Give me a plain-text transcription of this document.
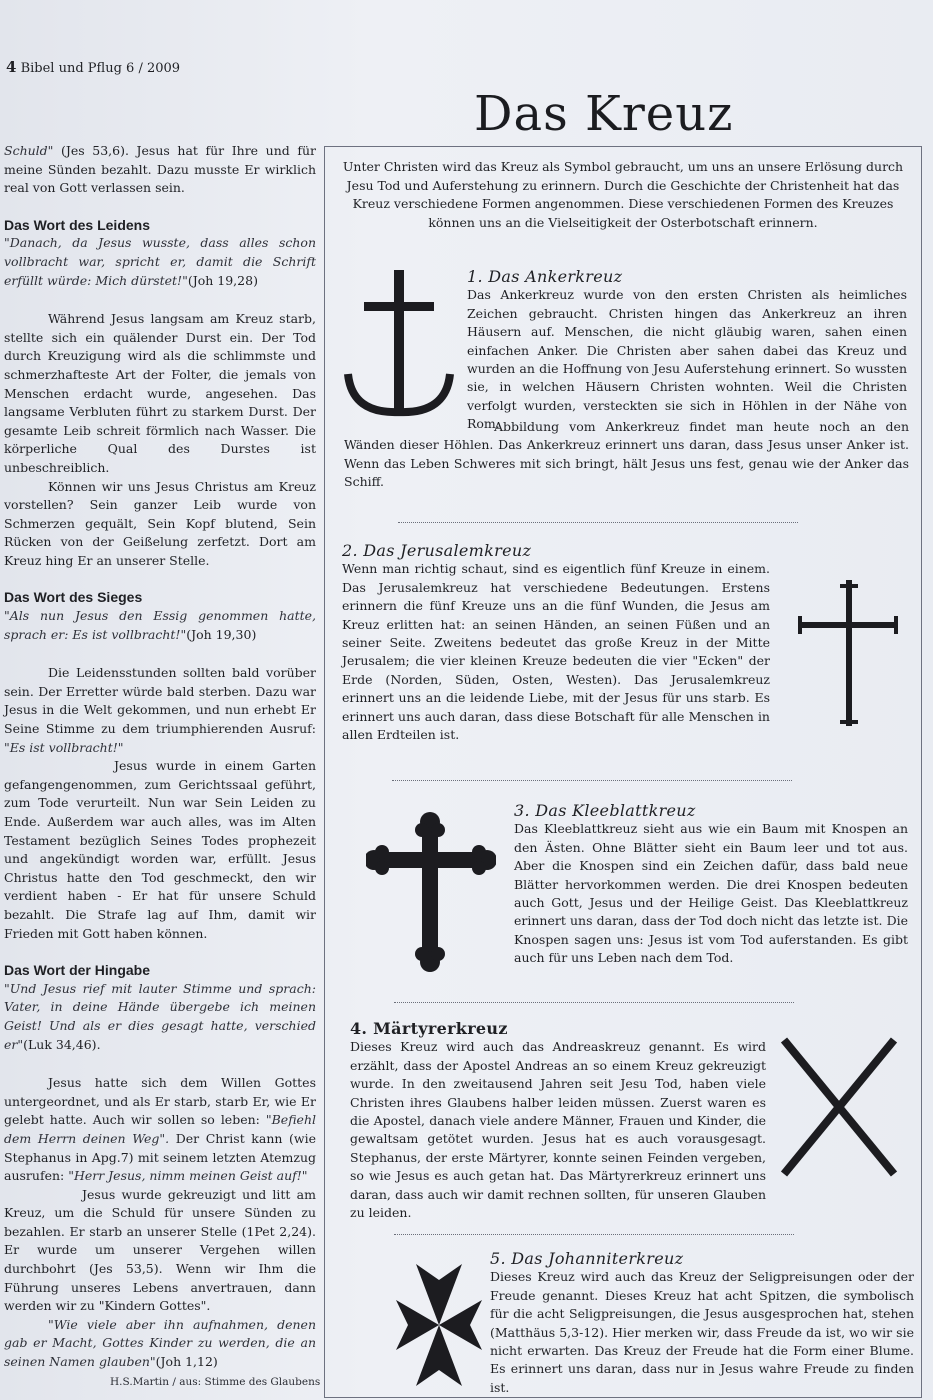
4 Bibel und Pflug 6 / 2009

Schuld" (Jes 53,6). Jesus hat für Ihre und für meine Sünden bezahlt. Dazu musste Er wirklich real von Gott verlassen sein.

Das Wort des Leidens

"Danach, da Jesus wusste, dass alles schon vollbracht war, spricht er, damit die Schrift erfüllt würde: Mich dürstet!"(Joh 19,28)

Während Jesus langsam am Kreuz starb, stellte sich ein quälender Durst ein. Der Tod durch Kreuzigung wird als die schlimmste und schmerzhafteste Art der Folter, die jemals von Menschen erdacht wurde, angesehen. Das langsame Verbluten führt zu starkem Durst. Der gesamte Leib schreit förmlich nach Wasser. Die körperliche Qual des Durstes ist unbeschreiblich.

Können wir uns Jesus Christus am Kreuz vorstellen? Sein ganzer Leib wurde von Schmerzen gequält, Sein Kopf blutend, Sein Rücken von der Geißelung zerfetzt. Dort am Kreuz hing Er an unserer Stelle.

Das Wort des Sieges

"Als nun Jesus den Essig genommen hatte, sprach er: Es ist vollbracht!"(Joh 19,30)

Die Leidensstunden sollten bald vorüber sein. Der Erretter würde bald sterben. Dazu war Jesus in die Welt gekommen, und nun erhebt Er Seine Stimme zu dem triumphierenden Ausruf: "Es ist vollbracht!"

Jesus wurde in einem Garten gefangengenommen, zum Gerichtssaal geführt, zum Tode verurteilt. Nun war Sein Leiden zu Ende. Außerdem war auch alles, was im Alten Testament bezüglich Seines Todes prophezeit und angekündigt worden war, erfüllt. Jesus Christus hatte den Tod geschmeckt, den wir verdient haben - Er hat für unsere Schuld bezahlt. Die Strafe lag auf Ihm, damit wir Frieden mit Gott haben können.

Das Wort der Hingabe

"Und Jesus rief mit lauter Stimme und sprach: Vater, in deine Hände übergebe ich meinen Geist! Und als er dies gesagt hatte, verschied er"(Luk 34,46).

Jesus hatte sich dem Willen Gottes untergeordnet, und als Er starb, starb Er, wie Er gelebt hatte. Auch wir sollen so leben: "Befiehl dem Herrn deinen Weg". Der Christ kann (wie Stephanus in Apg.7) mit seinem letzten Atemzug ausrufen: "Herr Jesus, nimm meinen Geist auf!"

Jesus wurde gekreuzigt und litt am Kreuz, um die Schuld für unsere Sünden zu bezahlen. Er starb an unserer Stelle (1Pet 2,24). Er wurde um unserer Vergehen willen durchbohrt (Jes 53,5). Wenn wir Ihm die Führung unseres Lebens anvertrauen, dann werden wir zu "Kindern Gottes".

"Wie viele aber ihn aufnahmen, denen gab er Macht, Gottes Kinder zu werden, die an seinen Namen glauben"(Joh 1,12)

H.S.Martin / aus: Stimme des Glaubens
Das Kreuz
Unter Christen wird das Kreuz als Symbol gebraucht, um uns an unsere Erlösung durch Jesu Tod und Auferstehung zu erinnern. Durch die Geschichte der Christenheit hat das Kreuz verschiedene Formen angenommen. Diese verschiedenen Formen des Kreuzes können uns an die Vielseitigkeit der Osterbotschaft erinnern.
1. Das Ankerkreuz

Das Ankerkreuz wurde von den ersten Christen als heimliches Zeichen gebraucht. Christen hingen das Ankerkreuz an ihren Häusern auf. Menschen, die nicht gläubig waren, sahen einen einfachen Anker. Die Christen aber sahen dabei das Kreuz und wurden an die Hoffnung von Jesu Auferstehung erinnert. So wussten sie, in welchen Häusern Christen wohnten. Weil die Christen verfolgt wurden, versteckten sie sich in Höhlen in der Nähe von Rom.

Abbildung vom Ankerkreuz findet man heute noch an den Wänden dieser Höhlen. Das Ankerkreuz erinnert uns daran, dass Jesus unser Anker ist. Wenn das Leben Schweres mit sich bringt, hält Jesus uns fest, genau wie der Anker das Schiff.

2. Das Jerusalemkreuz

Wenn man richtig schaut, sind es eigentlich fünf Kreuze in einem. Das Jerusalemkreuz hat verschiedene Bedeutungen. Erstens erinnern die fünf Kreuze uns an die fünf Wunden, die Jesus am Kreuz erlitten hat: an seinen Händen, an seinen Füßen und an seiner Seite. Zweitens bedeutet das große Kreuz in der Mitte Jerusalem; die vier kleinen Kreuze bedeuten die vier "Ecken" der Erde (Norden, Süden, Osten, Westen). Das Jerusalemkreuz erinnert uns an die leidende Liebe, mit der Jesus für uns starb. Es erinnert uns auch daran, dass diese Botschaft für alle Menschen in allen Erdteilen ist.

3. Das Kleeblattkreuz

Das Kleeblattkreuz sieht aus wie ein Baum mit Knospen an den Ästen. Ohne Blätter sieht ein Baum leer und tot aus. Aber die Knospen sind ein Zeichen dafür, dass bald neue Blätter hervorkommen werden. Die drei Knospen bedeuten auch Gott, Jesus und der Heilige Geist. Das Kleeblattkreuz erinnert uns daran, dass der Tod doch nicht das letzte ist. Die Knospen sagen uns: Jesus ist vom Tod auferstanden. Es gibt auch für uns Leben nach dem Tod.

4. Märtyrerkreuz

Dieses Kreuz wird auch das Andreaskreuz genannt. Es wird erzählt, dass der Apostel Andreas an so einem Kreuz gekreuzigt wurde. In den zweitausend Jahren seit Jesu Tod, haben viele Christen ihres Glaubens halber leiden müssen. Zuerst waren es die Apostel, danach viele andere Männer, Frauen und Kinder, die gewaltsam getötet wurden. Jesus hat es auch vorausgesagt. Stephanus, der erste Märtyrer, konnte seinen Feinden vergeben, so wie Jesus es auch getan hat. Das Märtyrerkreuz erinnert uns daran, dass auch wir damit rechnen sollten, für unseren Glauben zu leiden.

5. Das Johanniterkreuz

Dieses Kreuz wird auch das Kreuz der Seligpreisungen oder der Freude genannt. Dieses Kreuz hat acht Spitzen, die symbolisch für die acht Seligpreisungen, die Jesus ausgesprochen hat, stehen (Matthäus 5,3-12). Hier merken wir, dass Freude da ist, wo wir sie nicht erwarten. Das Kreuz der Freude hat die Form einer Blume. Es erinnert uns daran, dass nur in Jesus wahre Freude zu finden ist.
